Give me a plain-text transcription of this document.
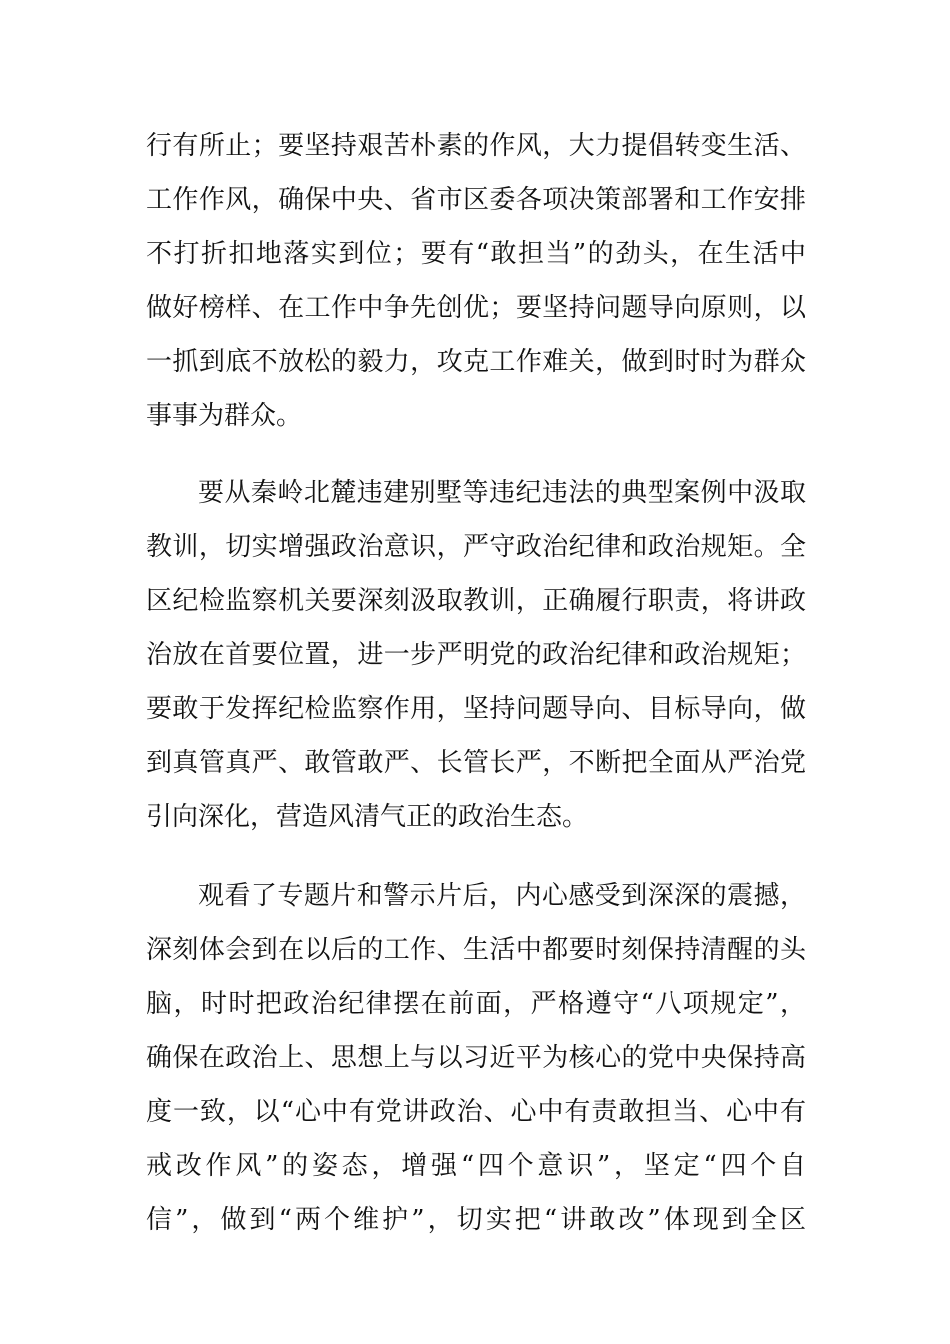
行有所止；要坚持艰苦朴素的作风，大力提倡转变生活、
工作作风，确保中央、省市区委各项决策部署和工作安排
不打折扣地落实到位；要有“敢担当”的劲头，在生活中
做好榜样、在工作中争先创优；要坚持问题导向原则，以
一抓到底不放松的毅力，攻克工作难关，做到时时为群众
事事为群众。
要从秦岭北麓违建别墅等违纪违法的典型案例中汲取
教训，切实增强政治意识，严守政治纪律和政治规矩。全
区纪检监察机关要深刻汲取教训，正确履行职责，将讲政
治放在首要位置，进一步严明党的政治纪律和政治规矩；
要敢于发挥纪检监察作用，坚持问题导向、目标导向，做
到真管真严、敢管敢严、长管长严，不断把全面从严治党
引向深化，营造风清气正的政治生态。
观看了专题片和警示片后，内心感受到深深的震撼，
深刻体会到在以后的工作、生活中都要时刻保持清醒的头
脑，时时把政治纪律摆在前面，严格遵守“八项规定”，
确保在政治上、思想上与以习近平为核心的党中央保持高
度一致，以“心中有党讲政治、心中有责敢担当、心中有
戒改作风”的姿态，增强“四个意识”，坚定“四个自
信”，做到“两个维护”，切实把“讲敢改”体现到全区
